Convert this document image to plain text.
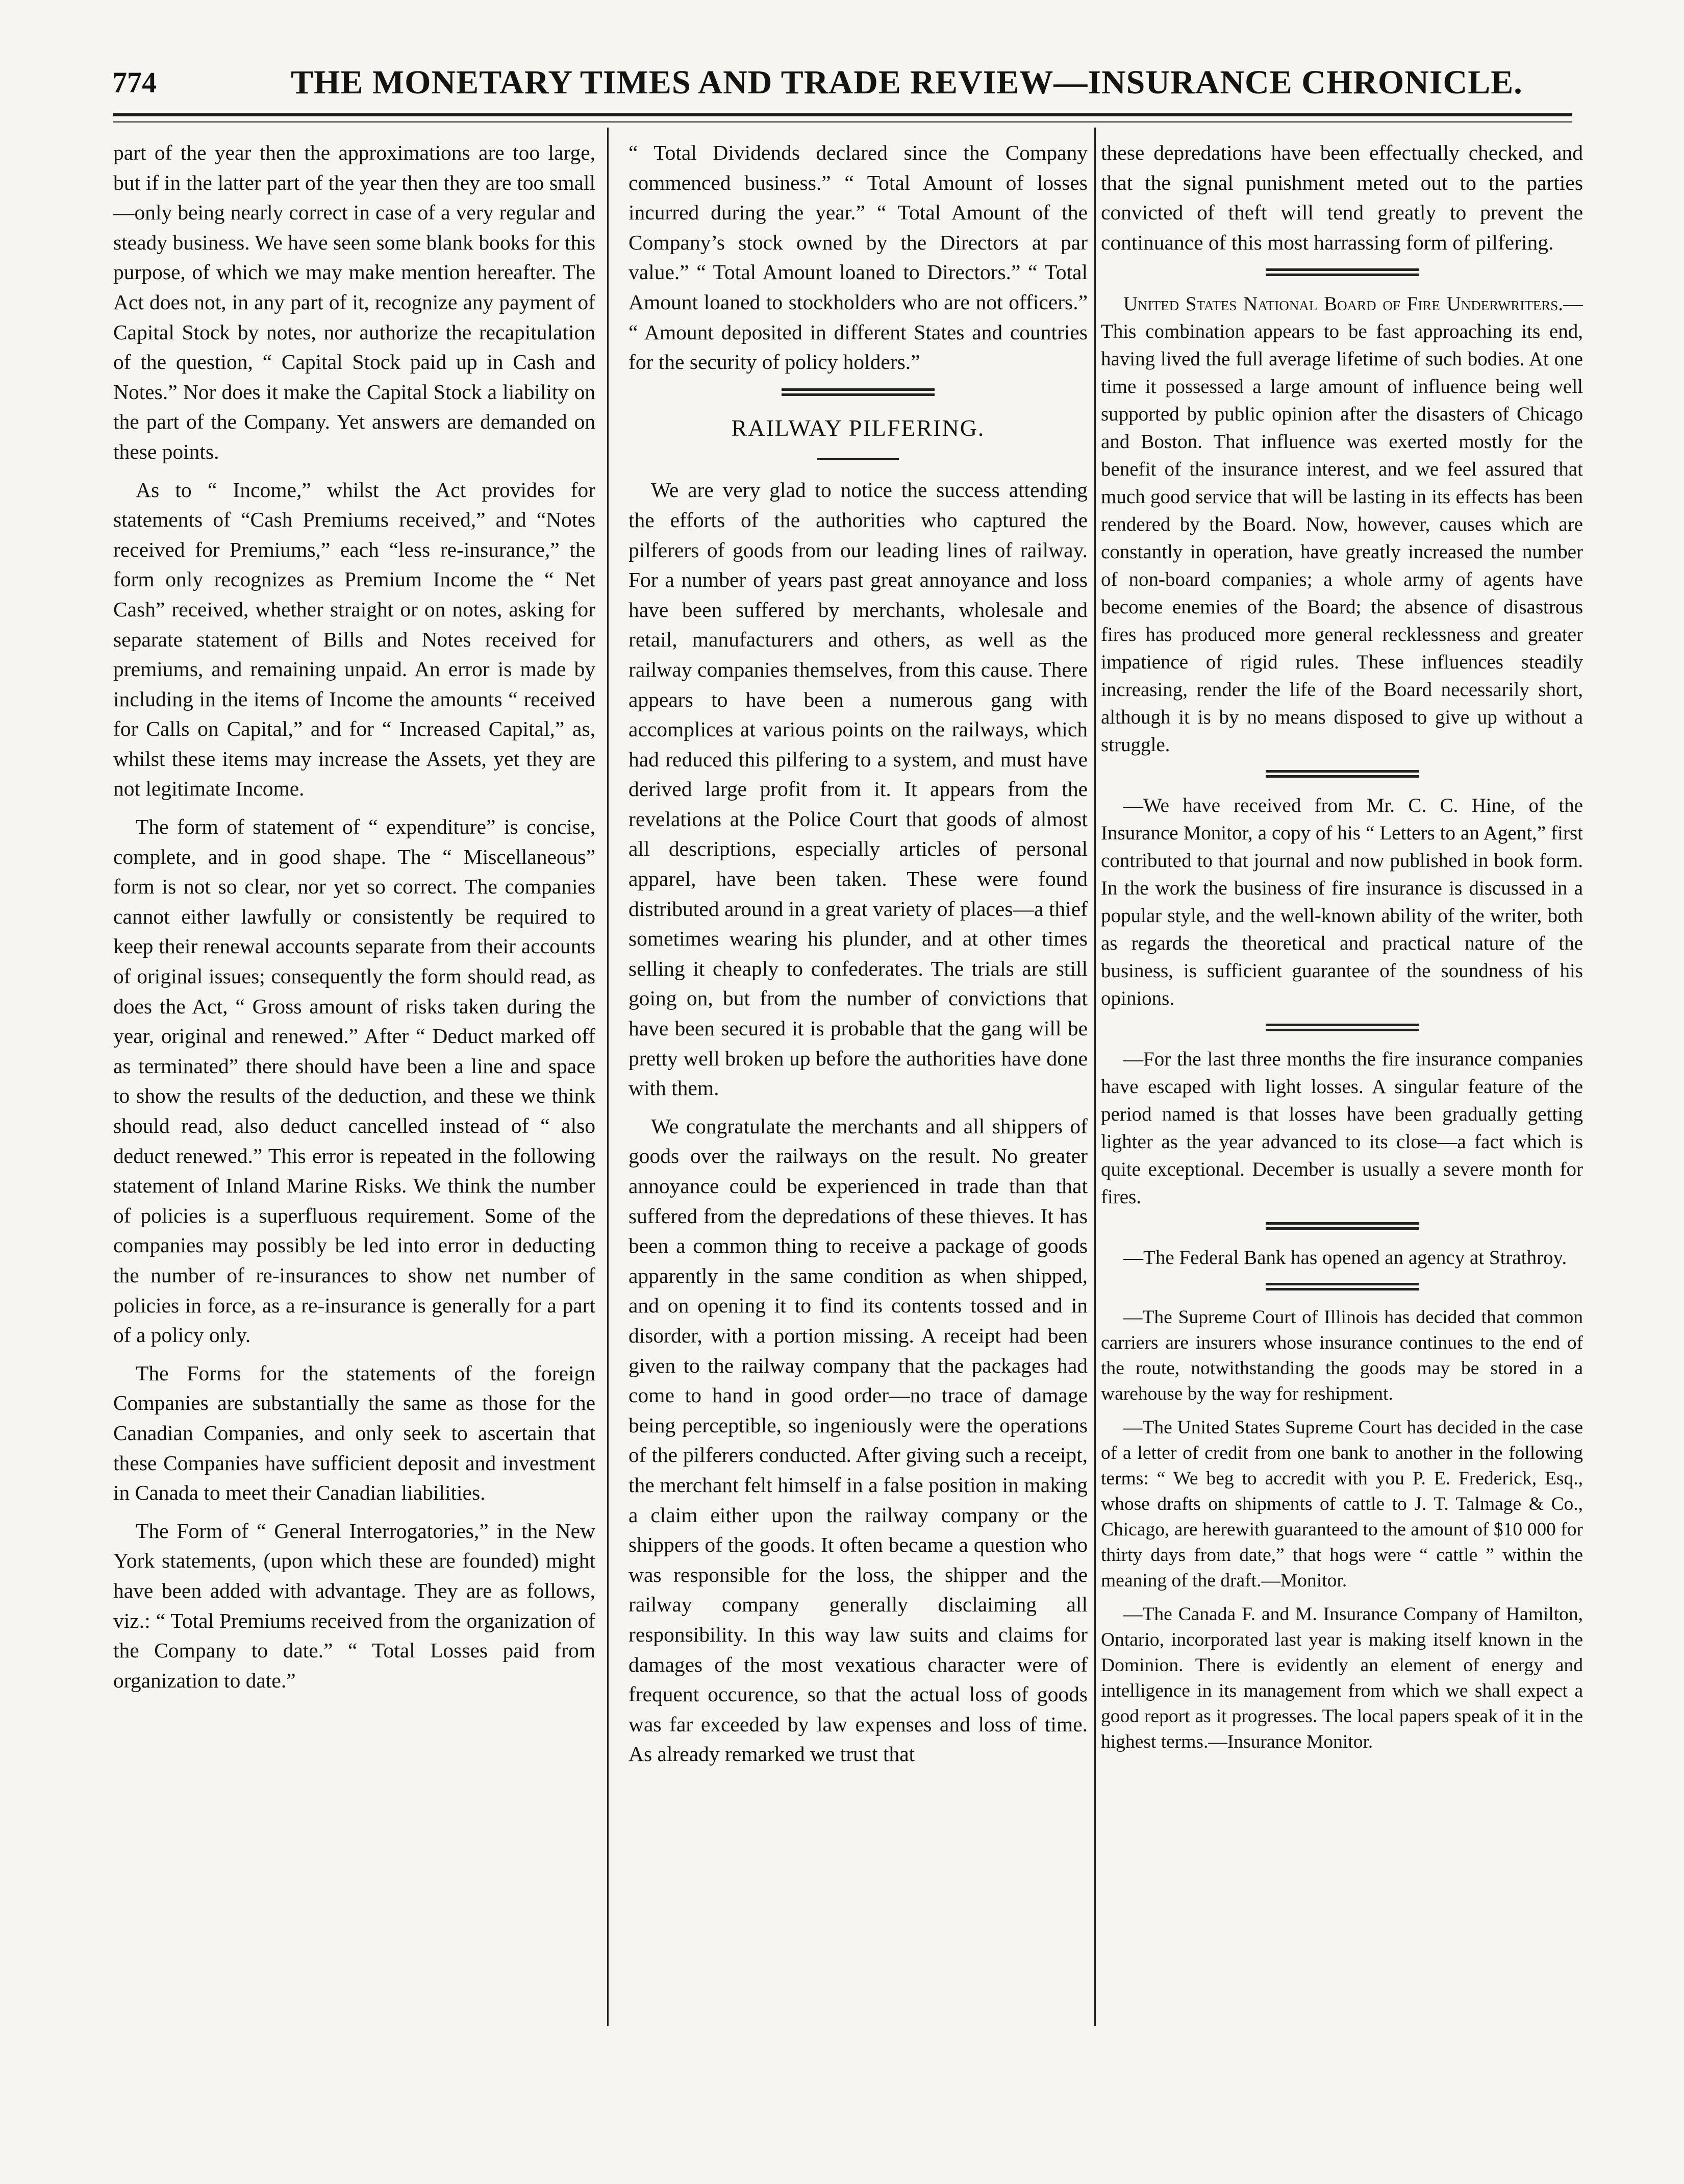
774	THE MONETARY TIMES AND TRADE REVIEW—INSURANCE CHRONICLE.

part of the year then the approximations are too large, but if in the latter part of the year then they are too small—only being nearly correct in case of a very regular and steady business. We have seen some blank books for this purpose, of which we may make mention hereafter. The Act does not, in any part of it, recognize any payment of Capital Stock by notes, nor authorize the recapitulation of the question, “ Capital Stock paid up in Cash and Notes.” Nor does it make the Capital Stock a liability on the part of the Company. Yet answers are demanded on these points.

As to “ Income,” whilst the Act provides for statements of “Cash Premiums received,” and “Notes received for Premiums,” each “less re-insurance,” the form only recognizes as Premium Income the “ Net Cash” received, whether straight or on notes, asking for separate statement of Bills and Notes received for premiums, and remaining unpaid. An error is made by including in the items of Income the amounts “ received for Calls on Capital,” and for “ Increased Capital,” as, whilst these items may increase the Assets, yet they are not legitimate Income.

The form of statement of “ expenditure” is concise, complete, and in good shape. The “ Miscellaneous” form is not so clear, nor yet so correct. The companies cannot either lawfully or consistently be required to keep their renewal accounts separate from their accounts of original issues; consequently the form should read, as does the Act, “ Gross amount of risks taken during the year, original and renewed.” After “ Deduct marked off as terminated” there should have been a line and space to show the results of the deduction, and these we think should read, also deduct cancelled instead of “ also deduct renewed.” This error is repeated in the following statement of Inland Marine Risks. We think the number of policies is a superfluous requirement. Some of the companies may possibly be led into error in deducting the number of re-insurances to show net number of policies in force, as a re-insurance is generally for a part of a policy only.

The Forms for the statements of the foreign Companies are substantially the same as those for the Canadian Companies, and only seek to ascertain that these Companies have sufficient deposit and investment in Canada to meet their Canadian liabilities.

The Form of “ General Interrogatories,” in the New York statements, (upon which these are founded) might have been added with advantage. They are as follows, viz.: “ Total Premiums received from the organization of the Company to date.” “ Total Losses paid from organization to date.”

“ Total Dividends declared since the Company commenced business.” “ Total Amount of losses incurred during the year.” “ Total Amount of the Company’s stock owned by the Directors at par value.” “ Total Amount loaned to Directors.” “ Total Amount loaned to stockholders who are not officers.” “ Amount deposited in different States and countries for the security of policy holders.”

RAILWAY PILFERING.

We are very glad to notice the success attending the efforts of the authorities who captured the pilferers of goods from our leading lines of railway. For a number of years past great annoyance and loss have been suffered by merchants, wholesale and retail, manufacturers and others, as well as the railway companies themselves, from this cause. There appears to have been a numerous gang with accomplices at various points on the railways, which had reduced this pilfering to a system, and must have derived large profit from it. It appears from the revelations at the Police Court that goods of almost all descriptions, especially articles of personal apparel, have been taken. These were found distributed around in a great variety of places—a thief sometimes wearing his plunder, and at other times selling it cheaply to confederates. The trials are still going on, but from the number of convictions that have been secured it is probable that the gang will be pretty well broken up before the authorities have done with them.

We congratulate the merchants and all shippers of goods over the railways on the result. No greater annoyance could be experienced in trade than that suffered from the depredations of these thieves. It has been a common thing to receive a package of goods apparently in the same condition as when shipped, and on opening it to find its contents tossed and in disorder, with a portion missing. A receipt had been given to the railway company that the packages had come to hand in good order—no trace of damage being perceptible, so ingeniously were the operations of the pilferers conducted. After giving such a receipt, the merchant felt himself in a false position in making a claim either upon the railway company or the shippers of the goods. It often became a question who was responsible for the loss, the shipper and the railway company generally disclaiming all responsibility. In this way law suits and claims for damages of the most vexatious character were of frequent occurence, so that the actual loss of goods was far exceeded by law expenses and loss of time. As already remarked we trust that

these depredations have been effectually checked, and that the signal punishment meted out to the parties convicted of theft will tend greatly to prevent the continuance of this most harrassing form of pilfering.

United States National Board of Fire Underwriters.—This combination appears to be fast approaching its end, having lived the full average lifetime of such bodies. At one time it possessed a large amount of influence being well supported by public opinion after the disasters of Chicago and Boston. That influence was exerted mostly for the benefit of the insurance interest, and we feel assured that much good service that will be lasting in its effects has been rendered by the Board. Now, however, causes which are constantly in operation, have greatly increased the number of non-board companies; a whole army of agents have become enemies of the Board; the absence of disastrous fires has produced more general recklessness and greater impatience of rigid rules. These influences steadily increasing, render the life of the Board necessarily short, although it is by no means disposed to give up without a struggle.

—We have received from Mr. C. C. Hine, of the Insurance Monitor, a copy of his “ Letters to an Agent,” first contributed to that journal and now published in book form. In the work the business of fire insurance is discussed in a popular style, and the well-known ability of the writer, both as regards the theoretical and practical nature of the business, is sufficient guarantee of the soundness of his opinions.

—For the last three months the fire insurance companies have escaped with light losses. A singular feature of the period named is that losses have been gradually getting lighter as the year advanced to its close—a fact which is quite exceptional. December is usually a severe month for fires.

—The Federal Bank has opened an agency at Strathroy.

—The Supreme Court of Illinois has decided that common carriers are insurers whose insurance continues to the end of the route, notwithstanding the goods may be stored in a warehouse by the way for reshipment.

—The United States Supreme Court has decided in the case of a letter of credit from one bank to another in the following terms: “ We beg to accredit with you P. E. Frederick, Esq., whose drafts on shipments of cattle to J. T. Talmage & Co., Chicago, are herewith guaranteed to the amount of $10 000 for thirty days from date,” that hogs were “ cattle ” within the meaning of the draft.—Monitor.

—The Canada F. and M. Insurance Company of Hamilton, Ontario, incorporated last year is making itself known in the Dominion. There is evidently an element of energy and intelligence in its management from which we shall expect a good report as it progresses. The local papers speak of it in the highest terms.—Insurance Monitor.
